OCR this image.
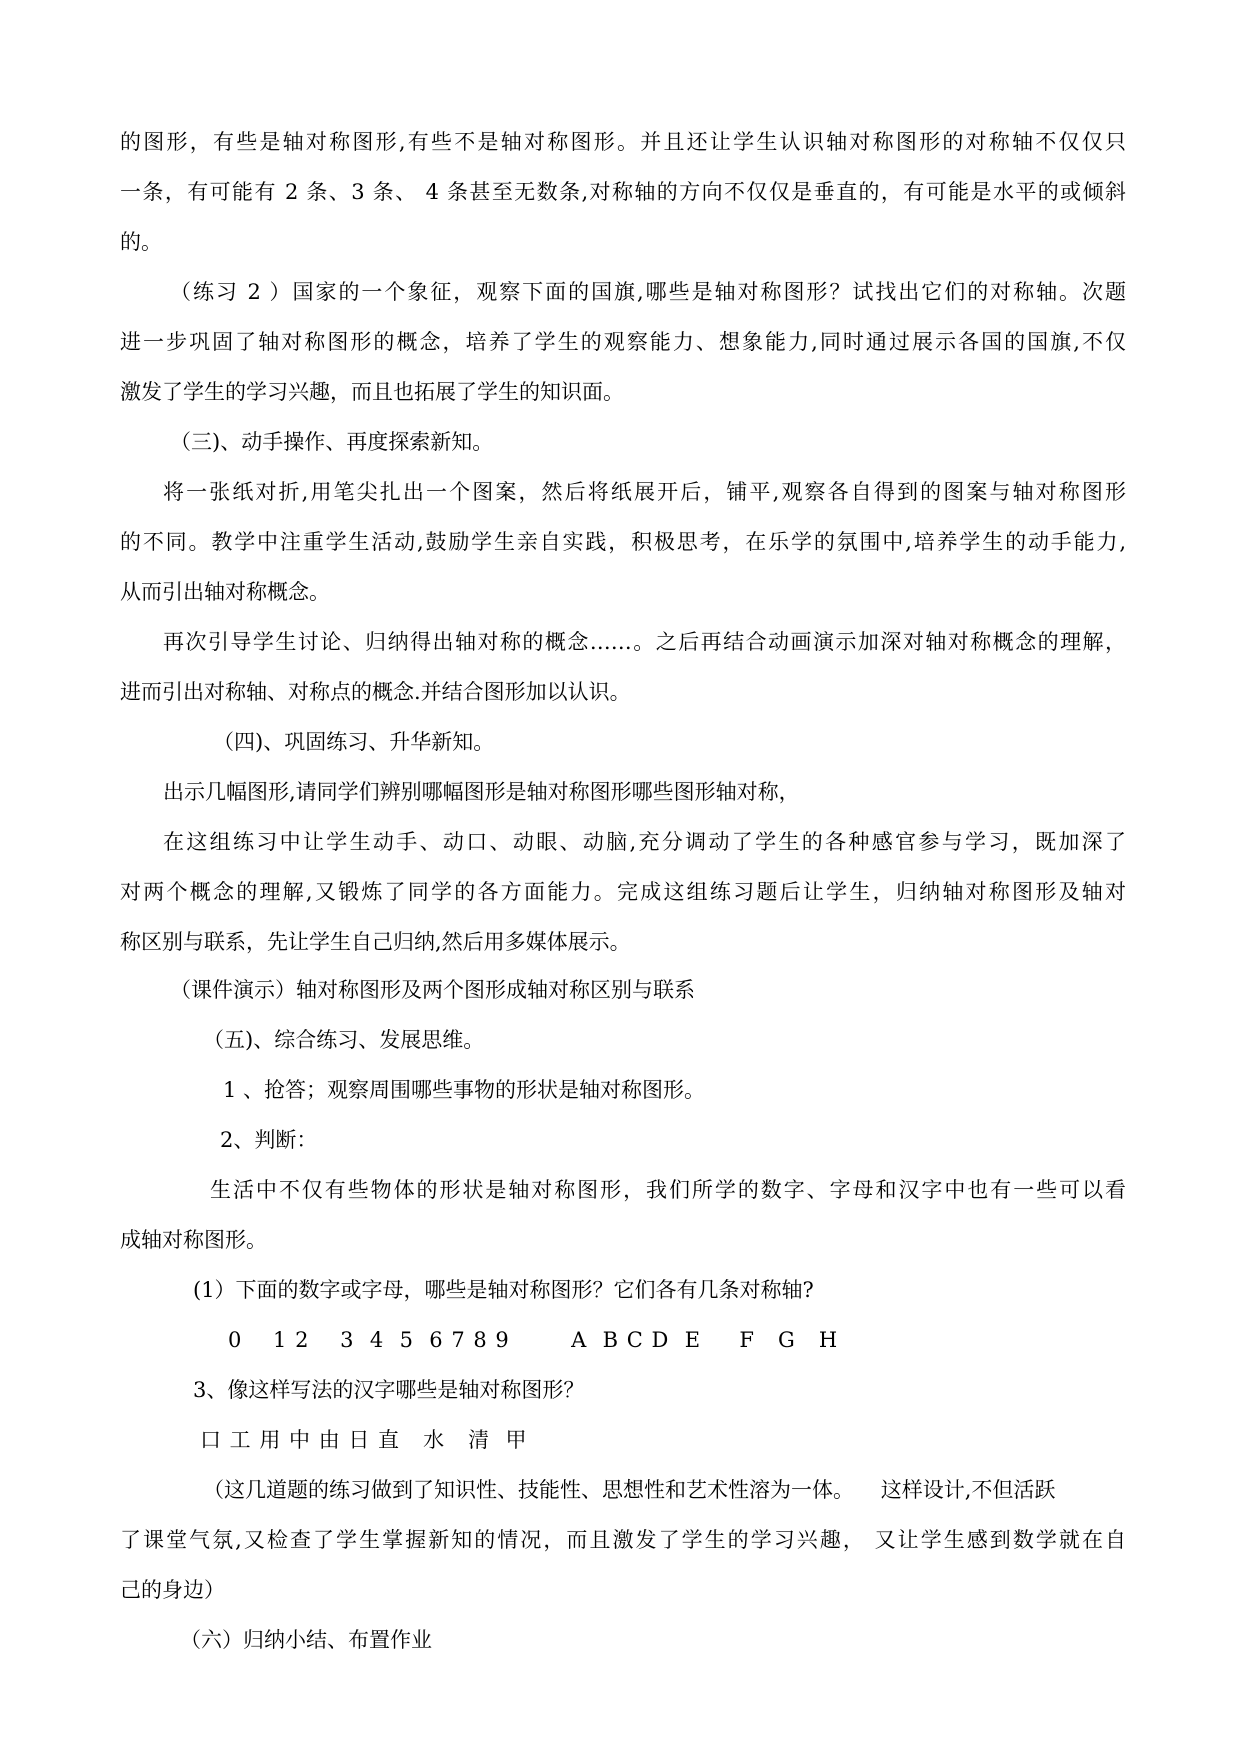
的图形，有些是轴对称图形,有些不是轴对称图形。并且还让学生认识轴对称图形的对称轴不仅仅只
一条，有可能有 2 条、3 条、 4 条甚至无数条,对称轴的方向不仅仅是垂直的，有可能是水平的或倾斜
的。
（练习 2 ）国家的一个象征，观察下面的国旗,哪些是轴对称图形？试找出它们的对称轴。次题
进一步巩固了轴对称图形的概念，培养了学生的观察能力、想象能力,同时通过展示各国的国旗,不仅
激发了学生的学习兴趣，而且也拓展了学生的知识面。
（三)、动手操作、再度探索新知。
将一张纸对折,用笔尖扎出一个图案，然后将纸展开后，铺平,观察各自得到的图案与轴对称图形
的不同。教学中注重学生活动,鼓励学生亲自实践，积极思考，在乐学的氛围中,培养学生的动手能力,
从而引出轴对称概念。
再次引导学生讨论、归纳得出轴对称的概念……。之后再结合动画演示加深对轴对称概念的理解，
进而引出对称轴、对称点的概念.并结合图形加以认识。
（四)、巩固练习、升华新知。
出示几幅图形,请同学们辨别哪幅图形是轴对称图形哪些图形轴对称，
在这组练习中让学生动手、动口、动眼、动脑,充分调动了学生的各种感官参与学习，既加深了
对两个概念的理解,又锻炼了同学的各方面能力。完成这组练习题后让学生，归纳轴对称图形及轴对
称区别与联系，先让学生自己归纳,然后用多媒体展示。
（课件演示）轴对称图形及两个图形成轴对称区别与联系
（五)、综合练习、发展思维。
1 、抢答；观察周围哪些事物的形状是轴对称图形。
2、判断：
生活中不仅有些物体的形状是轴对称图形，我们所学的数字、字母和汉字中也有一些可以看
成轴对称图形。
(1）下面的数字或字母，哪些是轴对称图形？它们各有几条对称轴?
0    1 2    3  4  5  6 7 8 9        A  B C D  E     F   G   H
3、像这样写法的汉字哪些是轴对称图形？
口 工 用 中 由 日 直   水   清  甲
（这几道题的练习做到了知识性、技能性、思想性和艺术性溶为一体。    这样设计,不但活跃
了课堂气氛,又检查了学生掌握新知的情况，而且激发了学生的学习兴趣， 又让学生感到数学就在自
己的身边）
（六）归纳小结、布置作业
